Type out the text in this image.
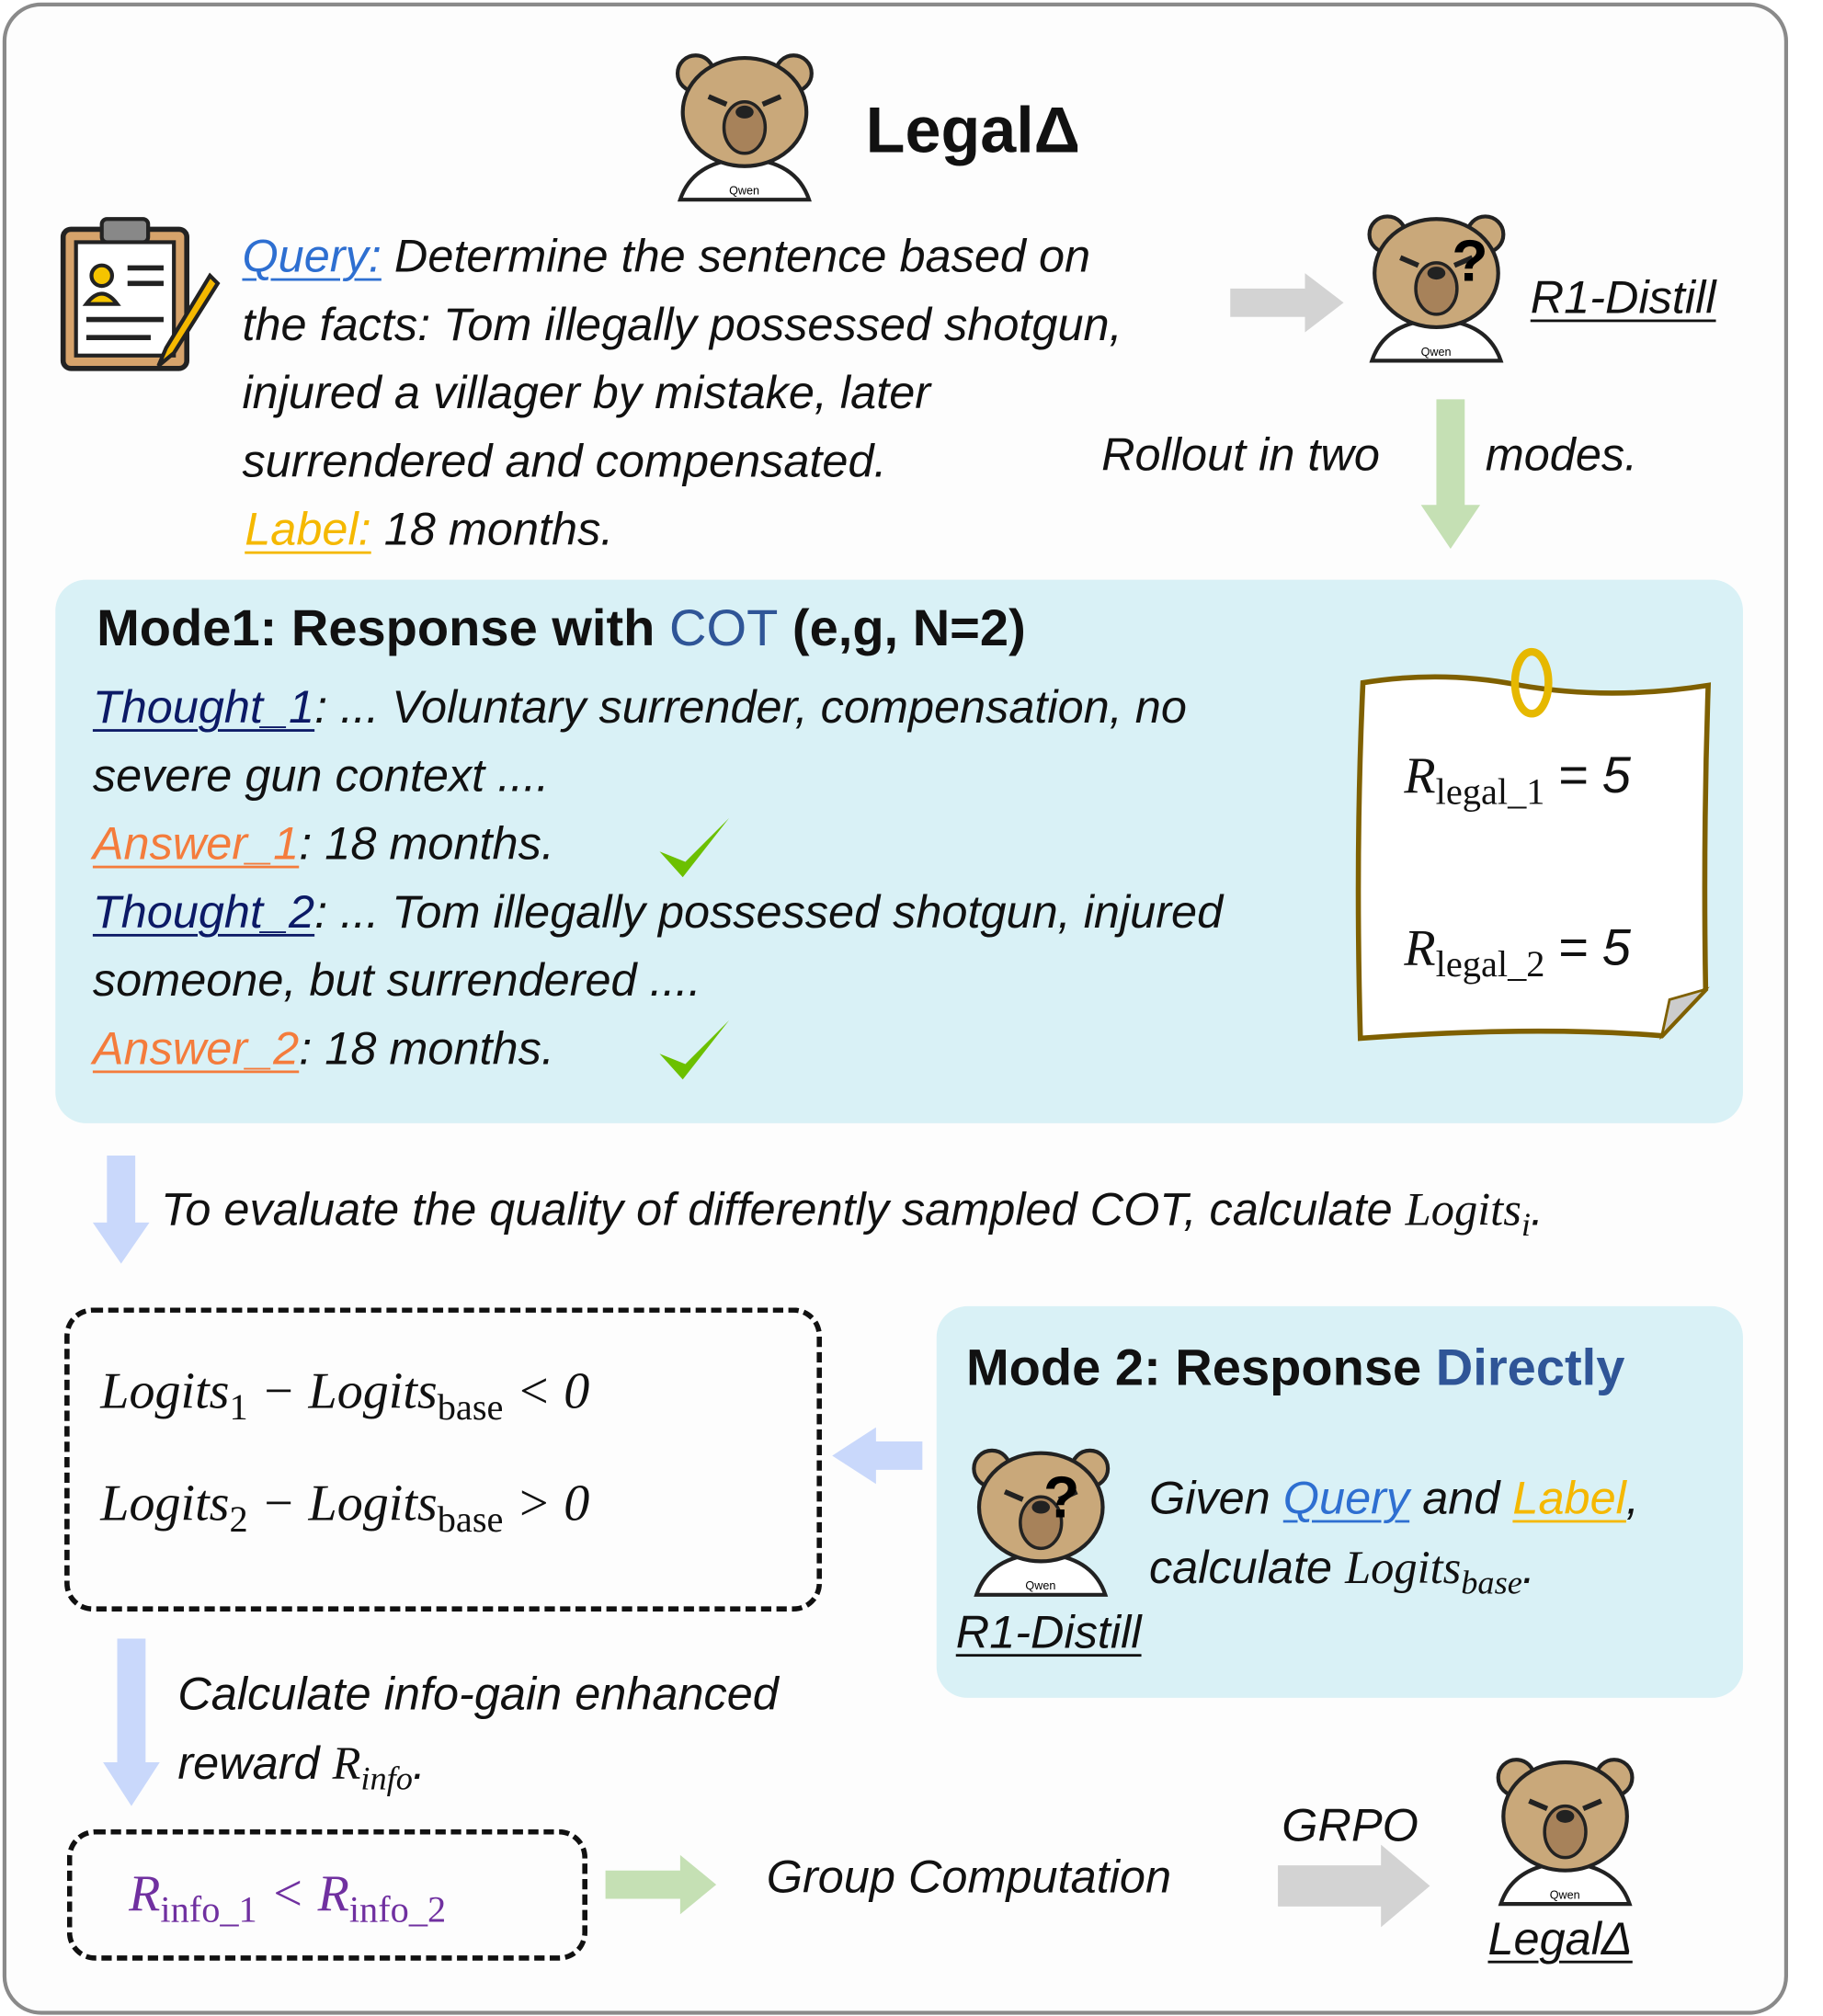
LegalΔ
Query: Determine the sentence based on
the facts: Tom illegally possessed shotgun,
injured a villager by mistake, later
surrendered and compensated.
Label: 18 months.
?
R1-Distill
Rollout in two	modes.
Mode1: Response with COT (e,g, N=2)
Thought_1: ... Voluntary surrender, compensation, no
severe gun context ....
Answer_1: 18 months.
Thought_2: ... Tom illegally possessed shotgun, injured
someone, but surrendered ....
Answer_2: 18 months.
$R_{legal\_1} = 5$
$R_{legal\_2} = 5$
To evaluate the quality of differently sampled COT, calculate Logits$_i$.
Logits$_1$ − Logits$_{base}$ < 0
Logits$_2$ − Logits$_{base}$ > 0
Mode 2: Response Directly
? Given Query and Label,
calculate Logits$_{base}$.
R1-Distill
Calculate info-gain enhanced
reward $R_{info}$.
$R_{info\_1} < R_{info\_2}$
Group Computation
GRPO
LegalΔ
